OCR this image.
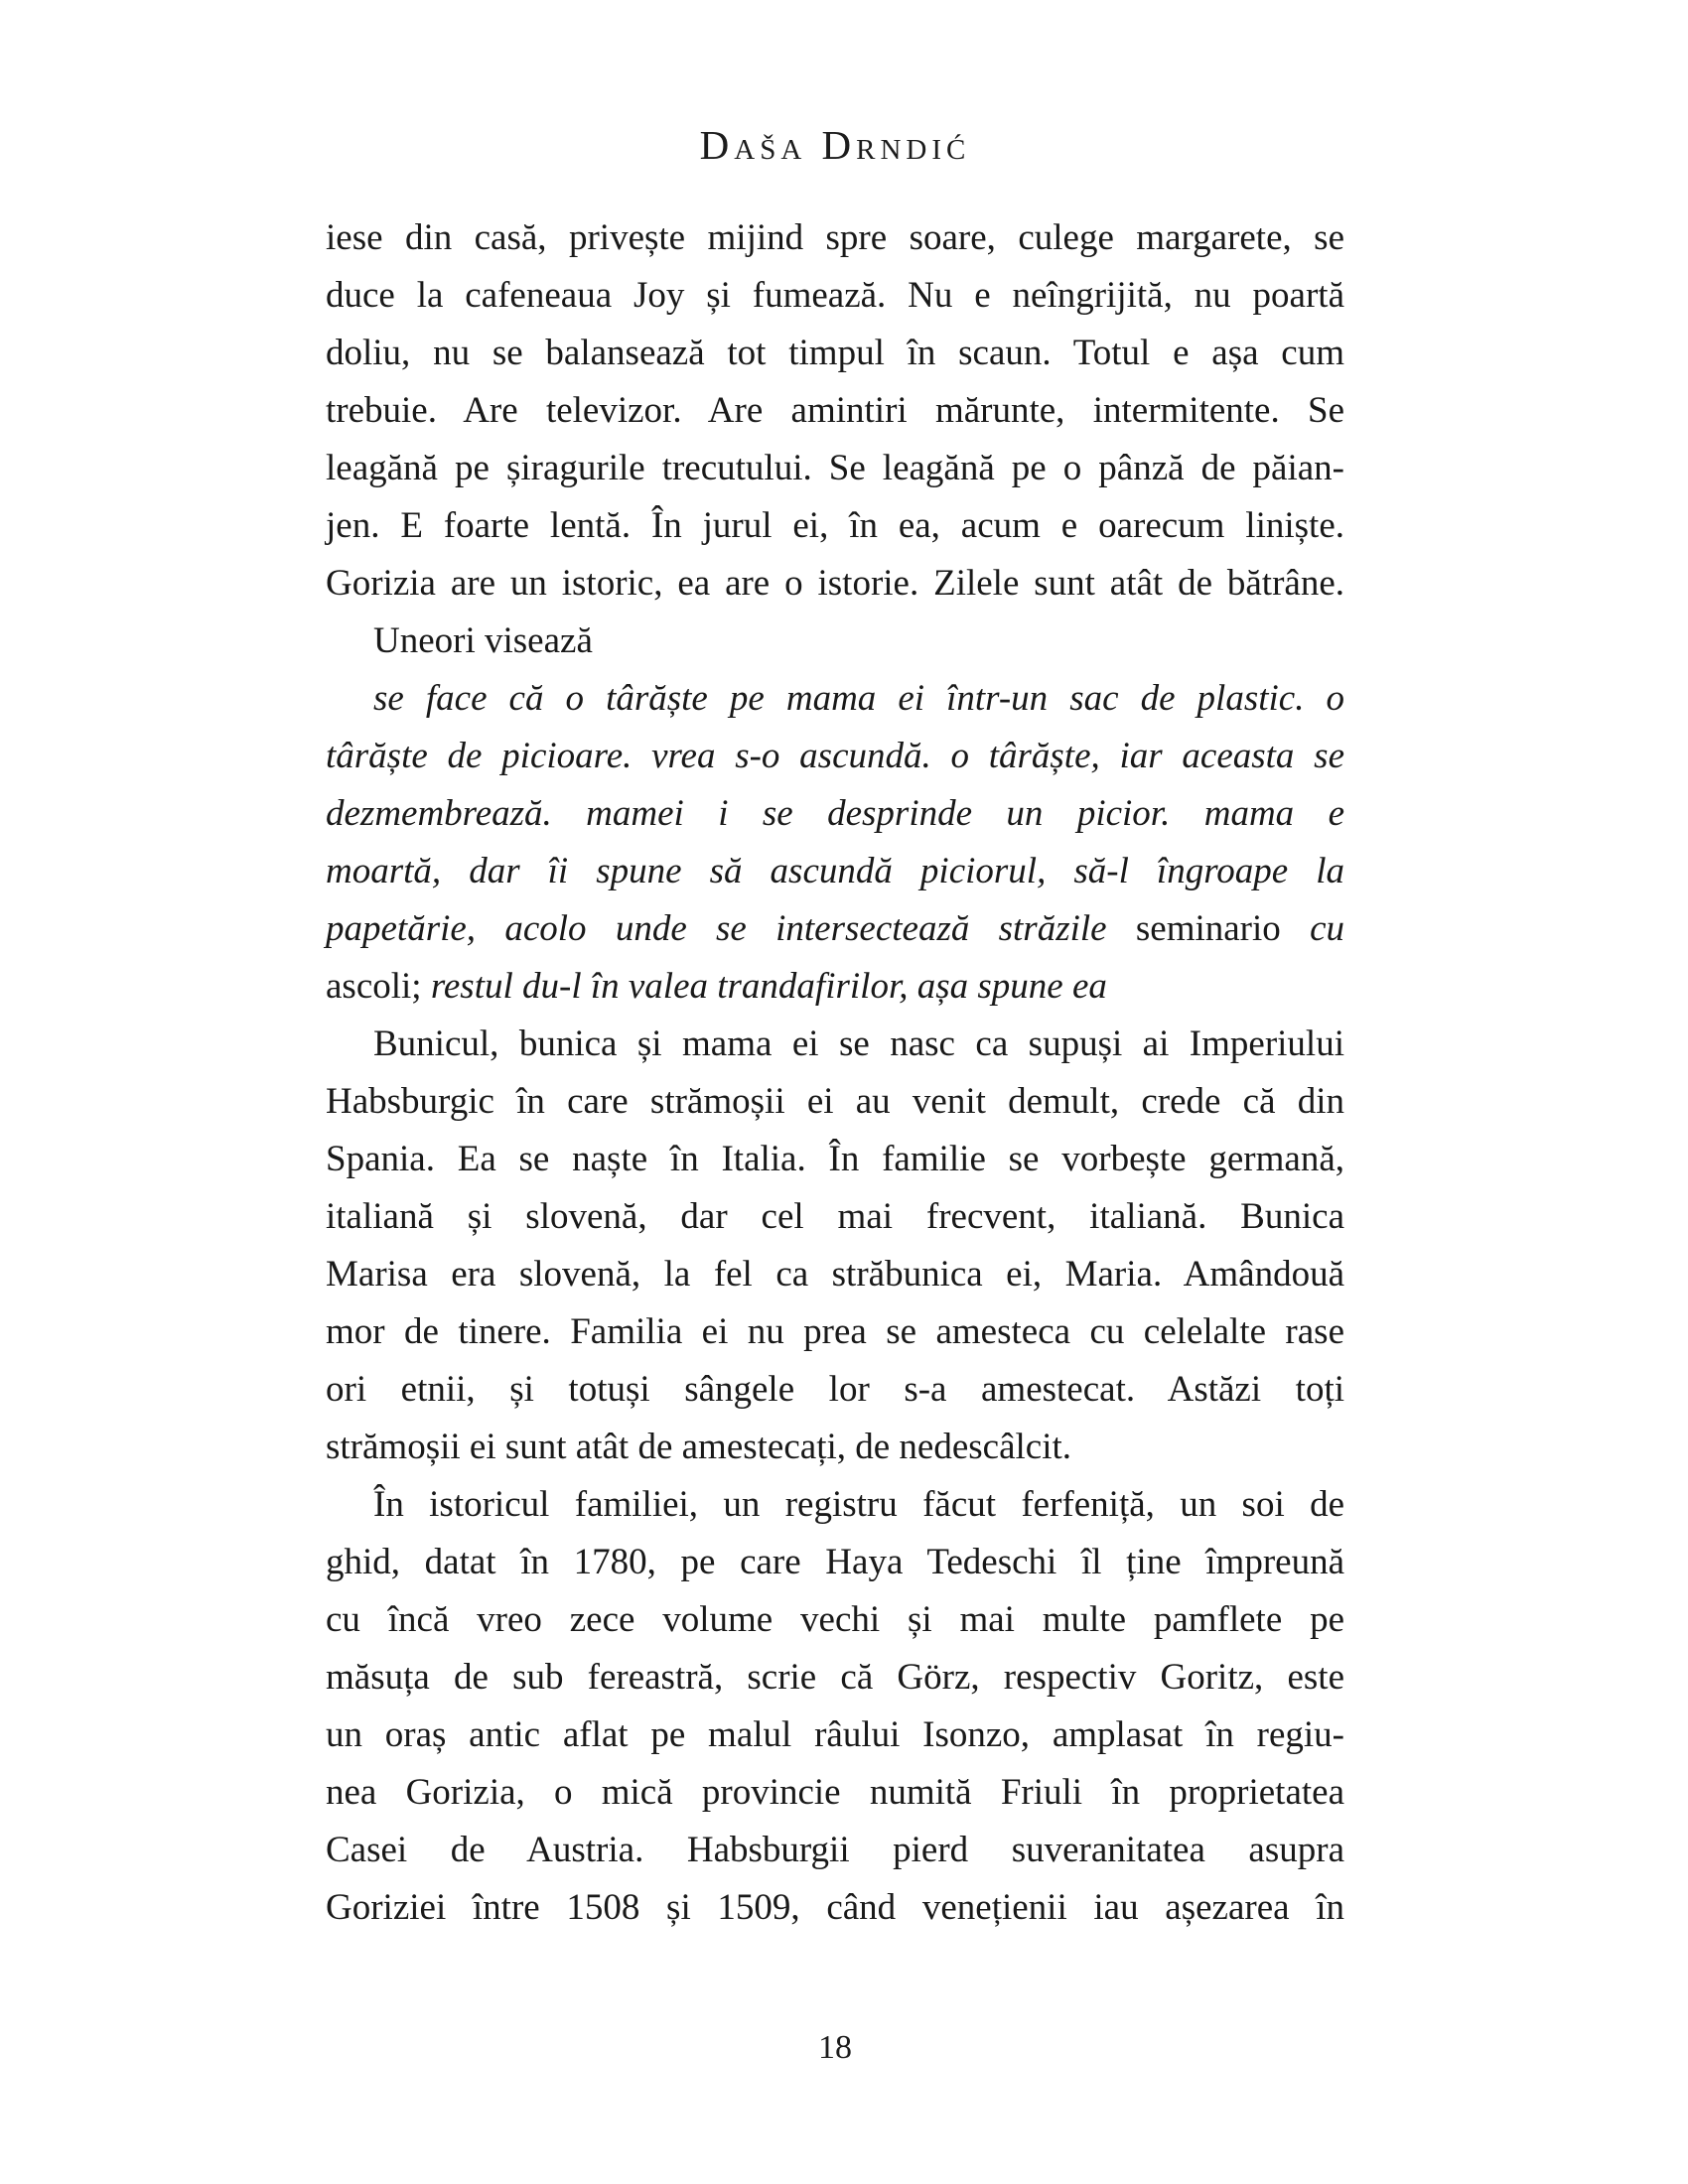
Daša Drndić
iese din casă, privește mijind spre soare, culege margarete, se
duce la cafeneaua Joy și fumează. Nu e neîngrijită, nu poartă
doliu, nu se balansează tot timpul în scaun. Totul e așa cum
trebuie. Are televizor. Are amintiri mărunte, intermitente. Se
leagănă pe șiragurile trecutului. Se leagănă pe o pânză de păian-
jen. E foarte lentă. În jurul ei, în ea, acum e oarecum liniște.
Gorizia are un istoric, ea are o istorie. Zilele sunt atât de bătrâne.
Uneori visează
se face că o târăște pe mama ei într-un sac de plastic. o
târăște de picioare. vrea s-o ascundă. o târăște, iar aceasta se
dezmembrează. mamei i se desprinde un picior. mama e
moartă, dar îi spune să ascundă piciorul, să-l îngroape la
papetărie, acolo unde se intersectează străzile seminario cu
ascoli; restul du-l în valea trandafirilor, așa spune ea
Bunicul, bunica și mama ei se nasc ca supuși ai Imperiului
Habsburgic în care strămoșii ei au venit demult, crede că din
Spania. Ea se naște în Italia. În familie se vorbește germană,
italiană și slovenă, dar cel mai frecvent, italiană. Bunica
Marisa era slovenă, la fel ca străbunica ei, Maria. Amândouă
mor de tinere. Familia ei nu prea se amesteca cu celelalte rase
ori etnii, și totuși sângele lor s-a amestecat. Astăzi toți
strămoșii ei sunt atât de amestecați, de nedescâlcit.
În istoricul familiei, un registru făcut ferfeniță, un soi de
ghid, datat în 1780, pe care Haya Tedeschi îl ține împreună
cu încă vreo zece volume vechi și mai multe pamflete pe
măsuța de sub fereastră, scrie că Görz, respectiv Goritz, este
un oraș antic aflat pe malul râului Isonzo, amplasat în regiu-
nea Gorizia, o mică provincie numită Friuli în proprietatea
Casei de Austria. Habsburgii pierd suveranitatea asupra
Goriziei între 1508 și 1509, când venețienii iau așezarea în
18
